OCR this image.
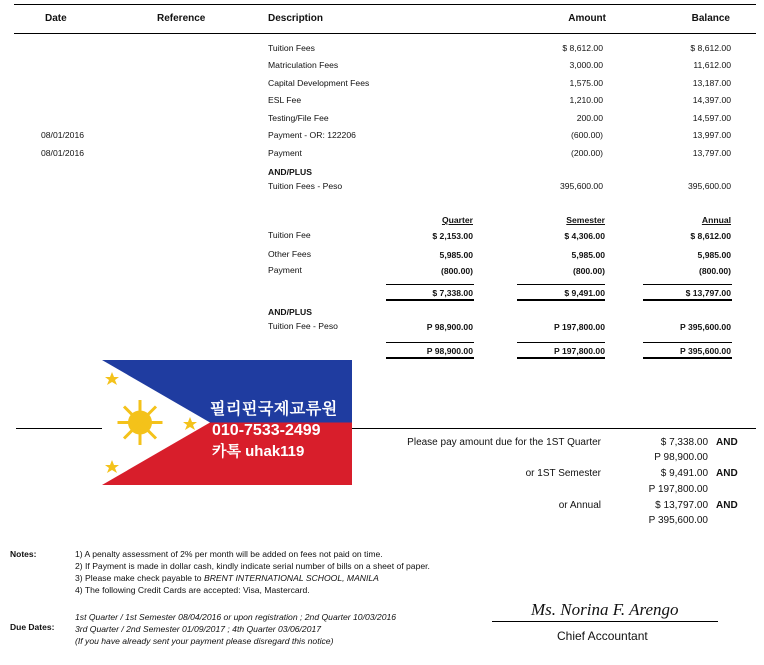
Date	Reference	Description	Amount	Balance
Tuition Fees	$ 8,612.00	$ 8,612.00
Matriculation Fees	3,000.00	11,612.00
Capital Development Fees	1,575.00	13,187.00
ESL Fee	1,210.00	14,397.00
Testing/File Fee	200.00	14,597.00
08/01/2016	Payment - OR: 122206	(600.00)	13,997.00
08/01/2016	Payment	(200.00)	13,797.00
AND/PLUS
Tuition Fees - Peso	395,600.00	395,600.00
Quarter	Semester	Annual
Tuition Fee	$ 2,153.00	$ 4,306.00	$ 8,612.00
Other Fees	5,985.00	5,985.00	5,985.00
Payment	(800.00)	(800.00)	(800.00)
$ 7,338.00	$ 9,491.00	$ 13,797.00
AND/PLUS
Tuition Fee - Peso	P 98,900.00	P 197,800.00	P 395,600.00
P 98,900.00	P 197,800.00	P 395,600.00
필리핀국제교류원
010-7533-2499
카톡 uhak119
Please pay amount due for the 1ST Quarter	$ 7,338.00 AND
P 98,900.00
or 1ST Semester	$ 9,491.00 AND
P 197,800.00
or Annual	$ 13,797.00 AND
P 395,600.00
Notes:	1) A penalty assessment of 2% per month will be added on fees not paid on time.
2) If Payment is made in dollar cash, kindly indicate serial number of bills on a sheet of paper.
3) Please make check payable to BRENT INTERNATIONAL SCHOOL, MANILA
4) The following Credit Cards are accepted: Visa, Mastercard.
Due Dates:
1st Quarter / 1st Semester 08/04/2016 or upon registration ; 2nd Quarter 10/03/2016
3rd Quarter / 2nd Semester 01/09/2017 ; 4th Quarter 03/06/2017
(If you have already sent your payment please disregard this notice)
Ms. Norina F. Arengo
Chief Accountant
